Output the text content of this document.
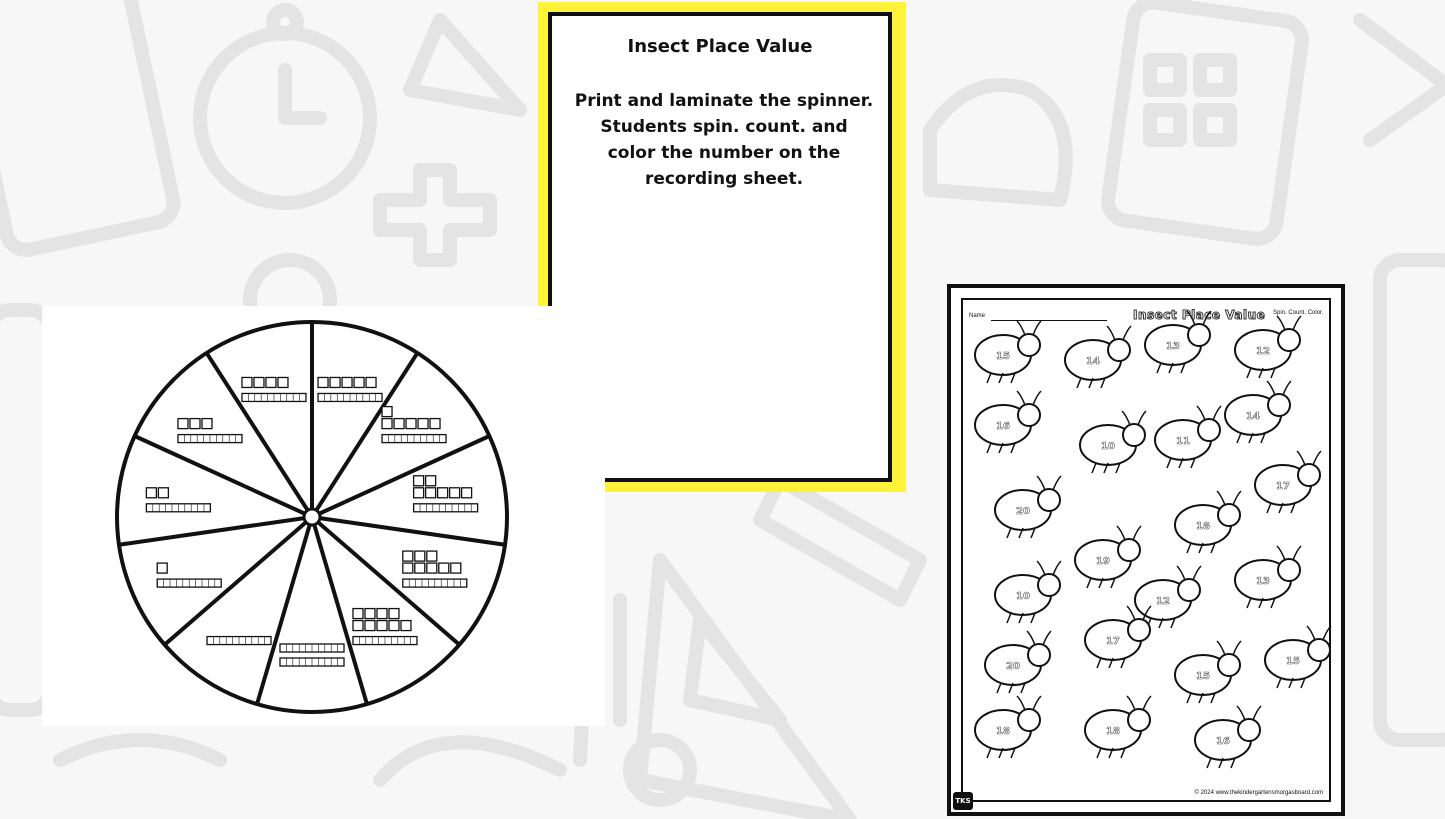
Insect Place Value
Print and laminate the spinner. Students spin. count. and color the number on the recording sheet.
Name	Insect Place Value Spin. Count. Color.
15	14
13	12
16
14
10	11
17
20
18
19
10
13
12
17
20
15
15
18	18
16
© 2024 www.thekindergartensmorgasboard.com
TKS
